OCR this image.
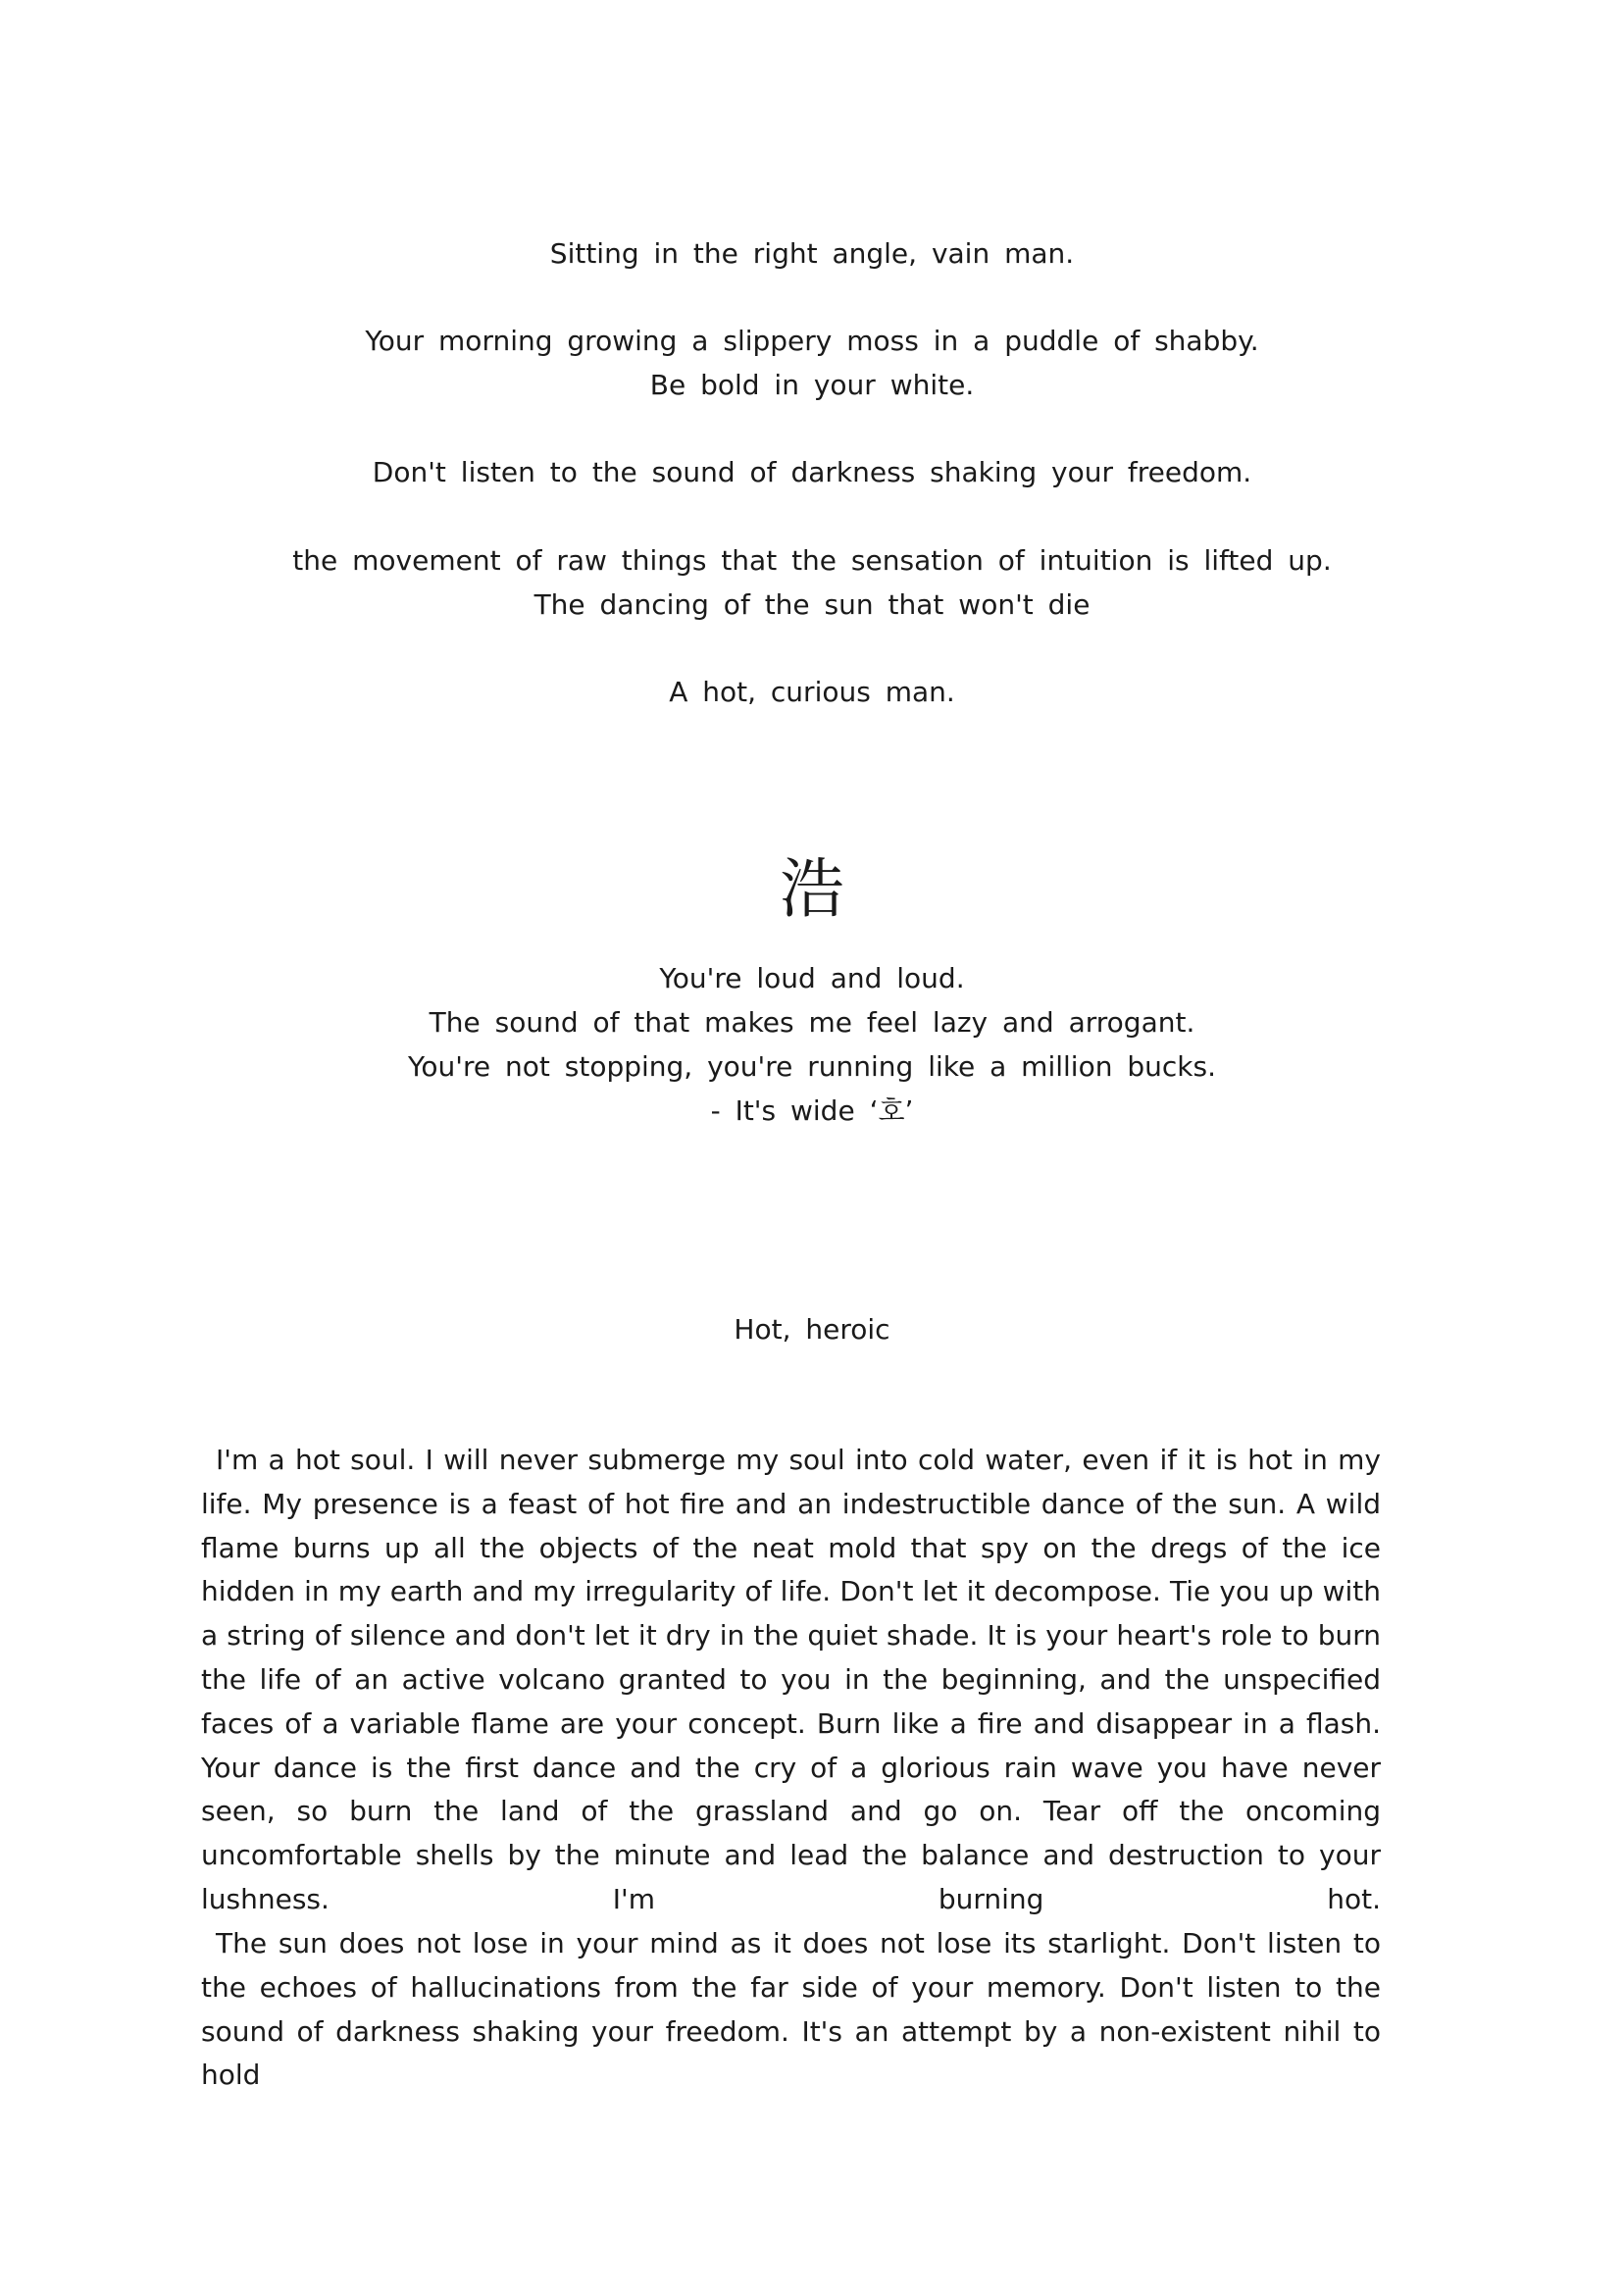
Sitting in the right angle, vain man.
Your morning growing a slippery moss in a puddle of shabby.
Be bold in your white.
Don't listen to the sound of darkness shaking your freedom.
the movement of raw things that the sensation of intuition is lifted up.
The dancing of the sun that won't die
A hot, curious man.
浩
You're loud and loud.
The sound of that makes me feel lazy and arrogant.
You're not stopping, you're running like a million bucks.
- It's wide ‘호’
Hot, heroic

I'm a hot soul. I will never submerge my soul into cold water, even if it is hot in my life. My presence is a feast of hot fire and an indestructible dance of the sun. A wild flame burns up all the objects of the neat mold that spy on the dregs of the ice hidden in my earth and my irregularity of life. Don't let it decompose. Tie you up with a string of silence and don't let it dry in the quiet shade. It is your heart's role to burn the life of an active volcano granted to you in the beginning, and the unspecified faces of a variable flame are your concept. Burn like a fire and disappear in a flash. Your dance is the first dance and the cry of a glorious rain wave you have never seen, so burn the land of the grassland and go on. Tear off the oncoming uncomfortable shells by the minute and lead the balance and destruction to your lushness. I'm burning hot.

The sun does not lose in your mind as it does not lose its starlight. Don't listen to the echoes of hallucinations from the far side of your memory. Don't listen to the sound of darkness shaking your freedom. It's an attempt by a non-existent nihil to hold
